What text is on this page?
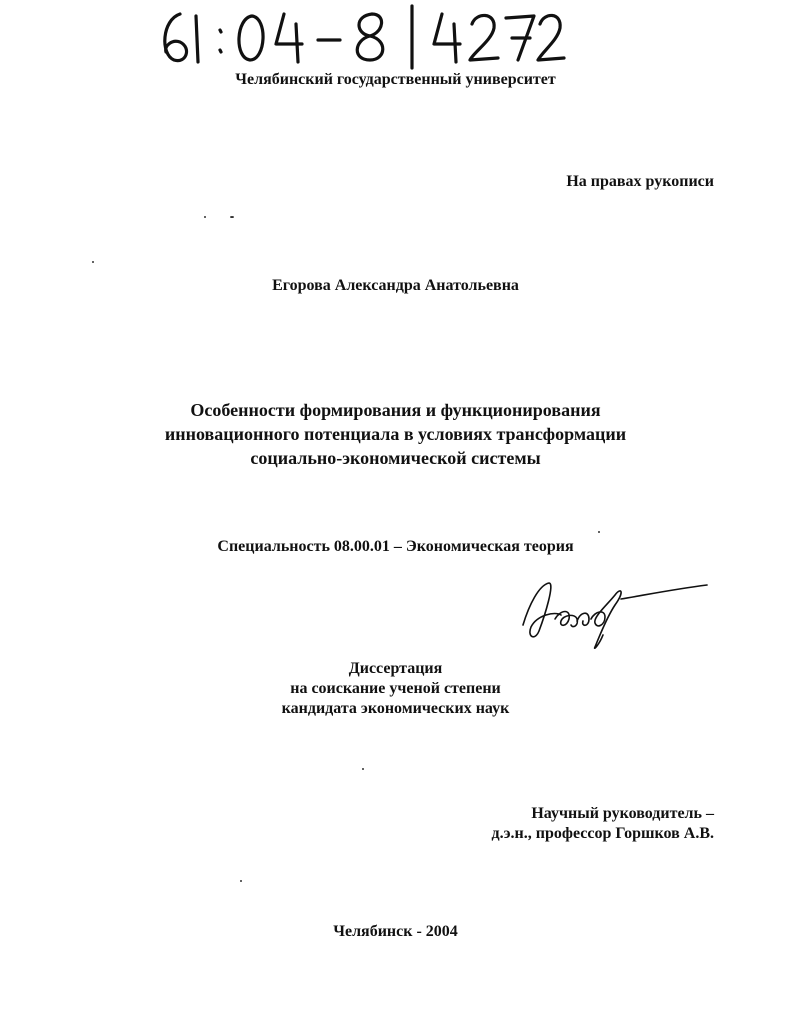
Челябинский государственный университет
На правах рукописи
Егорова Александра Анатольевна
Особенности формирования и функционирования
инновационного потенциала в условиях трансформации
социально-экономической системы
Специальность 08.00.01 – Экономическая теория
Диссертация
на соискание ученой степени
кандидата экономических наук
Научный руководитель –
д.э.н., профессор Горшков А.В.
Челябинск - 2004
